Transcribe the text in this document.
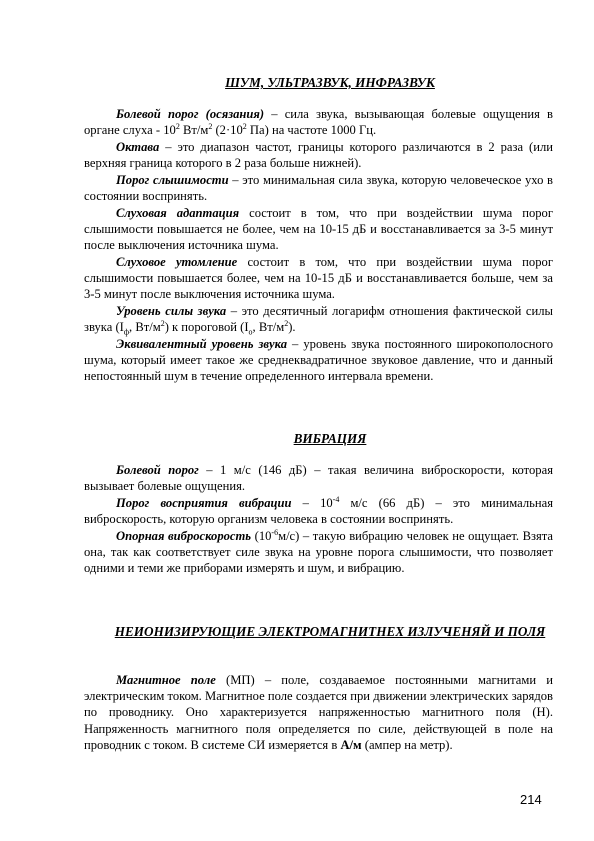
ШУМ, УЛЬТРАЗВУК, ИНФРАЗВУК
Болевой порог (осязания) – сила звука, вызывающая болевые ощущения в органе слуха - $10^2$ $Вт/м^2$ ($2\cdot 10^2$ Па) на частоте 1000 Гц.
Октава – это диапазон частот, границы которого различаются в 2 раза (или верхняя граница которого в 2 раза больше нижней).
Порог слышимости – это минимальная сила звука, которую человеческое ухо в состоянии воспринять.
Слуховая адаптация состоит в том, что при воздействии шума порог слышимости повышается не более, чем на 10-15 дБ и восстанавливается за 3-5 минут после выключения источника шума.
Слуховое утомление состоит в том, что при воздействии шума порог слышимости повышается более, чем на 10-15 дБ и восстанавливается больше, чем за 3-5 минут после выключения источника шума.
Уровень силы звука – это десятичный логарифм отношения фактической силы звука ($I_ф$, $Вт/м^2$) к пороговой ($I_о$, $Вт/м^2$).
Эквивалентный уровень звука – уровень звука постоянного широкополосного шума, который имеет такое же среднеквадратичное звуковое давление, что и данный непостоянный шум в течение определенного интервала времени.
ВИБРАЦИЯ
Болевой порог – 1 м/с (146 дБ) – такая величина виброскорости, которая вызывает болевые ощущения.
Порог восприятия вибрации – $10^{-4}$ м/с (66 дБ) – это минимальная виброскорость, которую организм человека в состоянии воспринять.
Опорная виброскорость $(10^{-6}м/с)$ – такую вибрацию человек не ощущает. Взята она, так как соответствует силе звука на уровне порога слышимости, что позволяет одними и теми же приборами измерять и шум, и вибрацию.
НЕИОНИЗИРУЮЩИЕ ЭЛЕКТРОМАГНИТНЕХ ИЗЛУЧЕНЯЙ И ПОЛЯ
Магнитное поле (МП) – поле, создаваемое постоянными магнитами и электрическим током. Магнитное поле создается при движении электрических зарядов по проводнику. Оно характеризуется напряженностью магнитного поля (Н). Напряженность магнитного поля определяется по силе, действующей в поле на проводник с током. В системе СИ измеряется в А/м (ампер на метр).
214
